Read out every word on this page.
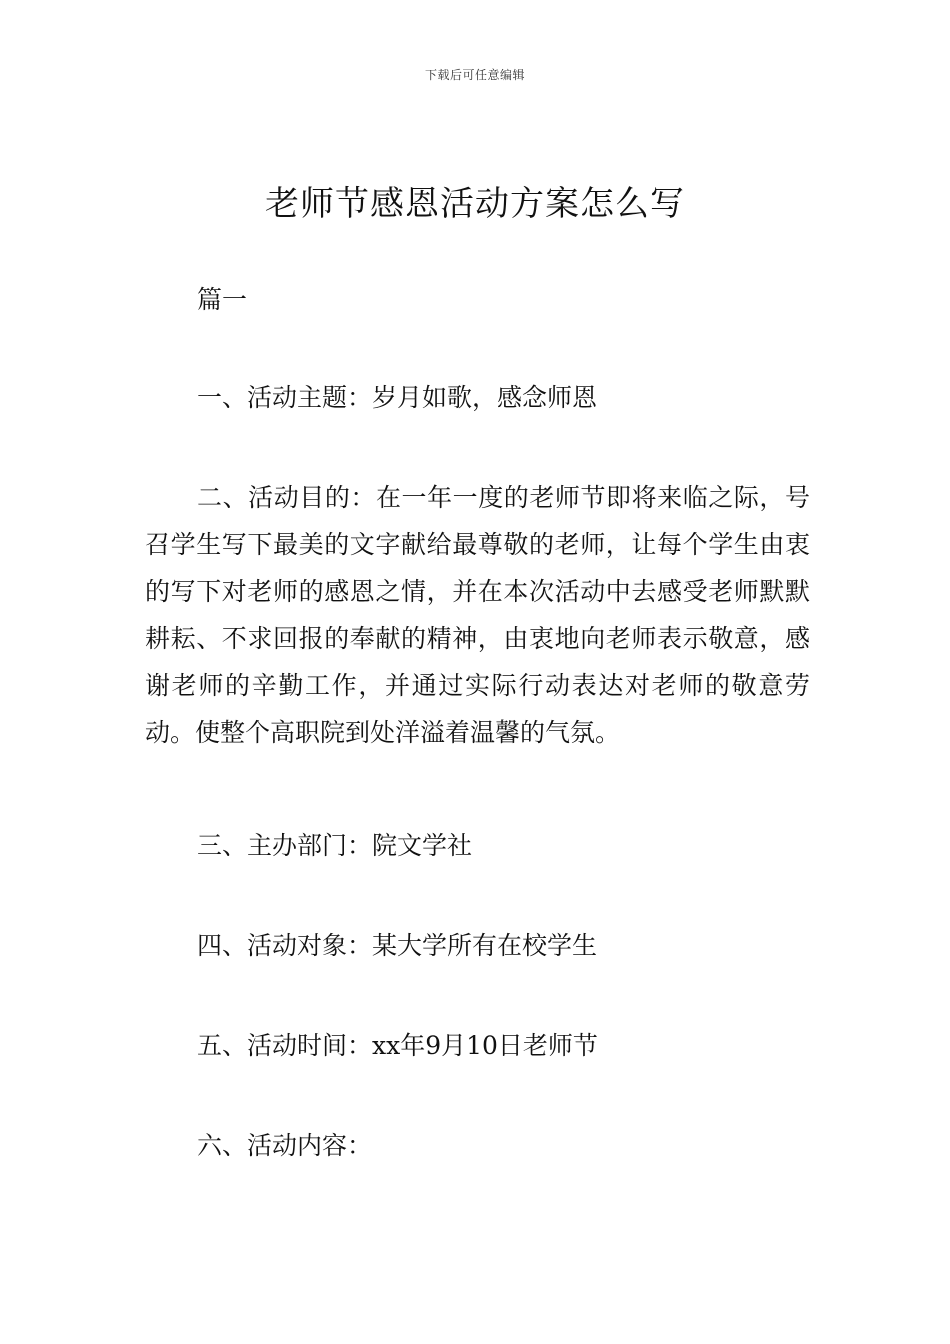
下载后可任意编辑
老师节感恩活动方案怎么写
篇一
一、活动主题：岁月如歌，感念师恩

二、活动目的：在一年一度的老师节即将来临之际，号召学生写下最美的文字献给最尊敬的老师，让每个学生由衷的写下对老师的感恩之情，并在本次活动中去感受老师默默耕耘、不求回报的奉献的精神，由衷地向老师表示敬意，感谢老师的辛勤工作，并通过实际行动表达对老师的敬意劳动。使整个高职院到处洋溢着温馨的气氛。

三、主办部门：院文学社
四、活动对象：某大学所有在校学生
五、活动时间：xx年9月10日老师节
六、活动内容：
